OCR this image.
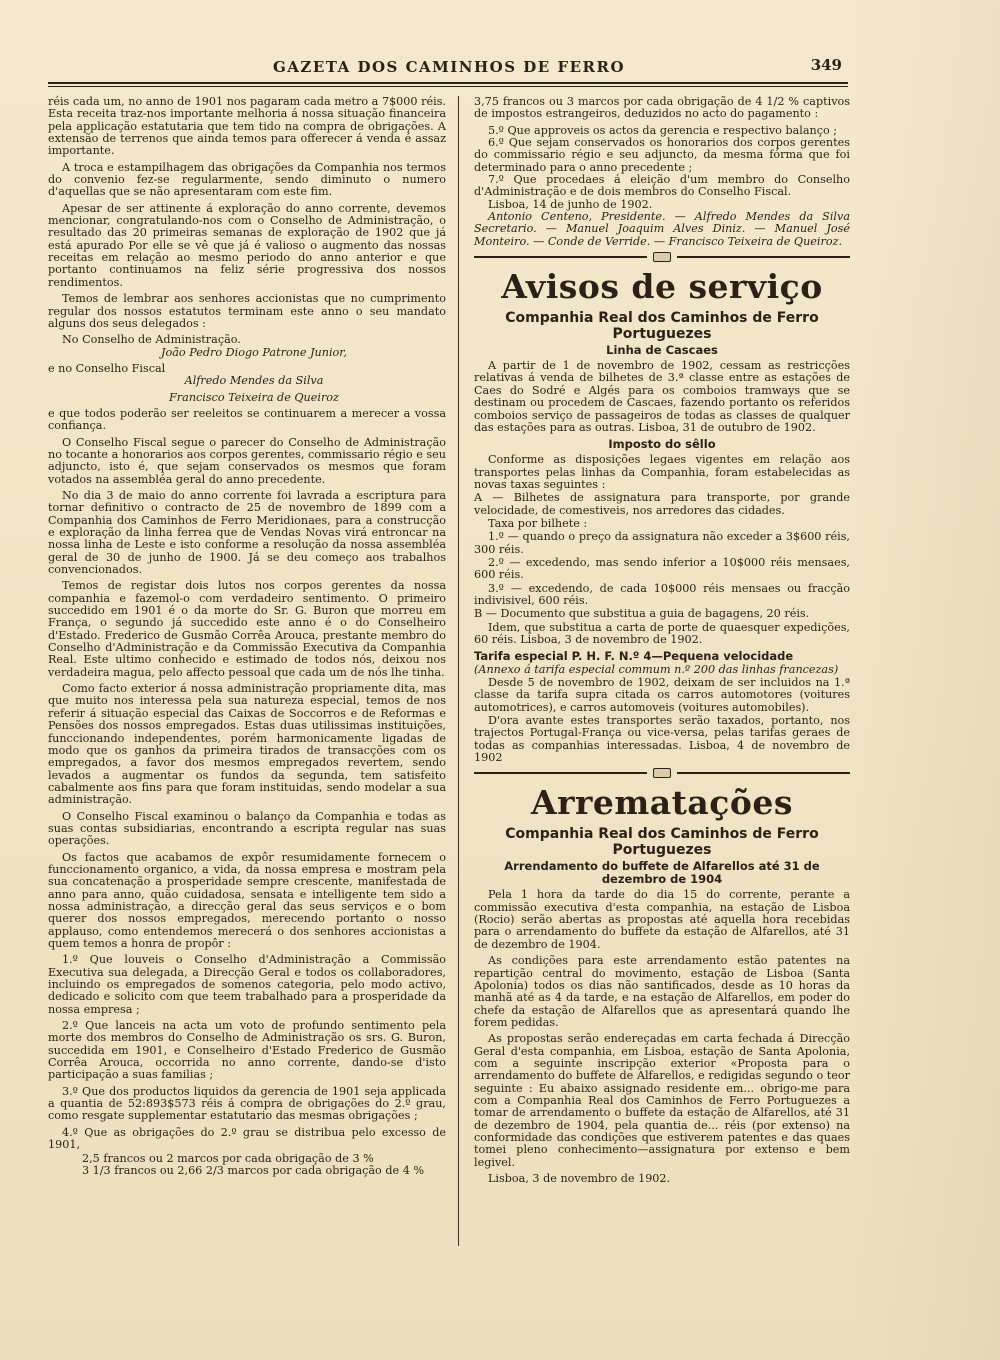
GAZETA DOS CAMINHOS DE FERRO	349

réis cada um, no anno de 1901 nos pagaram cada metro a 7$000 réis. Esta receita traz-nos importante melhoria á nossa situação financeira pela applicação estatutaria que tem tido na compra de obrigações. A extensão de terrenos que ainda temos para offerecer á venda é assaz importante.

A troca e estampilhagem das obrigações da Companhia nos termos do convenio fez-se regularmente, sendo diminuto o numero d'aquellas que se não apresentaram com este fim.

Apesar de ser attinente á exploração do anno corrente, devemos mencionar, congratulando-nos com o Conselho de Administração, o resultado das 20 primeiras semanas de exploração de 1902 que já está apurado Por elle se vê que já é valioso o augmento das nossas receitas em relação ao mesmo periodo do anno anterior e que portanto continuamos na feliz série progressiva dos nossos rendimentos.

Temos de lembrar aos senhores accionistas que no cumprimento regular dos nossos estatutos terminam este anno o seu mandato alguns dos seus delegados :

No Conselho de Administração.

João Pedro Diogo Patrone Junior,

e no Conselho Fiscal

Alfredo Mendes da Silva

Francisco Teixeira de Queiroz

e que todos poderão ser reeleitos se continuarem a merecer a vossa confiança.

O Conselho Fiscal segue o parecer do Conselho de Administração no tocante a honorarios aos corpos gerentes, commissario régio e seu adjuncto, isto é, que sejam conservados os mesmos que foram votados na assembléa geral do anno precedente.

No dia 3 de maio do anno corrente foi lavrada a escriptura para tornar definitivo o contracto de 25 de novembro de 1899 com a Companhia dos Caminhos de Ferro Meridionaes, para a construcção e exploração da linha ferrea que de Vendas Novas virá entroncar na nossa linha de Leste e isto conforme a resolução da nossa assembléa geral de 30 de junho de 1900. Já se deu começo aos trabalhos convencionados.

Temos de registar dois lutos nos corpos gerentes da nossa companhia e fazemol-o com verdadeiro sentimento. O primeiro succedido em 1901 é o da morte do Sr. G. Buron que morreu em França, o segundo já succedido este anno é o do Conselheiro d'Estado. Frederico de Gusmão Corrêa Arouca, prestante membro do Conselho d'Administração e da Commissão Executiva da Companhia Real. Este ultimo conhecido e estimado de todos nós, deixou nos verdadeira magua, pelo affecto pessoal que cada um de nós lhe tinha.

Como facto exterior á nossa administração propriamente dita, mas que muito nos interessa pela sua natureza especial, temos de nos referir á situação especial das Caixas de Soccorros e de Reformas e Pensões dos nossos empregados. Estas duas utilissimas instituições, funccionando independentes, porém harmonicamente ligadas de modo que os ganhos da primeira tirados de transacções com os empregados, a favor dos mesmos empregados revertem, sendo levados a augmentar os fundos da segunda, tem satisfeito cabalmente aos fins para que foram instituidas, sendo modelar a sua administração.

O Conselho Fiscal examinou o balanço da Companhia e todas as suas contas subsidiarias, encontrando a escripta regular nas suas operações.

Os factos que acabamos de expôr resumidamente fornecem o funccionamento organico, a vida, da nossa empresa e mostram pela sua concatenação a prosperidade sempre crescente, manifestada de anno para anno, quão cuidadosa, sensata e intelligente tem sido a nossa administração, a direcção geral das seus serviços e o bom querer dos nossos empregados, merecendo portanto o nosso applauso, como entendemos merecerá o dos senhores accionistas a quem temos a honra de propôr :

1.º Que louveis o Conselho d'Administração a Commissão Executiva sua delegada, a Direcção Geral e todos os collaboradores, incluindo os empregados de somenos categoria, pelo modo activo, dedicado e solicito com que teem trabalhado para a prosperidade da nossa empresa ;

2.º Que lanceis na acta um voto de profundo sentimento pela morte dos membros do Conselho de Administração os srs. G. Buron, succedida em 1901, e Conselheiro d'Estado Frederico de Gusmão Corrêa Arouca, occorrida no anno corrente, dando-se d'isto participação a suas familias ;

3.º Que dos productos liquidos da gerencia de 1901 seja applicada a quantia de 52:893$573 réis á compra de obrigações do 2.º grau, como resgate supplementar estatutario das mesmas obrigações ;

4.º Que as obrigações do 2.º grau se distribua pelo excesso de 1901,

2,5 francos ou 2 marcos por cada obrigação de 3 %

3 1/3 francos ou 2,66 2/3 marcos por cada obrigação de 4 %

3,75 francos ou 3 marcos por cada obrigação de 4 1/2 % captivos de impostos estrangeiros, deduzidos no acto do pagamento :

5.º Que approveis os actos da gerencia e respectivo balanço ;

6.º Que sejam conservados os honorarios dos corpos gerentes do commissario régio e seu adjuncto, da mesma fórma que foi determinado para o anno precedente ;

7.º Que procedaes á eleição d'um membro do Conselho d'Administração e de dois membros do Conselho Fiscal.

Lisboa, 14 de junho de 1902.

Antonio Centeno, Presidente. — Alfredo Mendes da Silva Secretario. — Manuel Joaquim Alves Diniz. — Manuel José Monteiro. — Conde de Verride. — Francisco Teixeira de Queiroz.

Avisos de serviço
Companhia Real dos Caminhos de Ferro Portuguezes
Linha de Cascaes

A partir de 1 de novembro de 1902, cessam as restricções relativas á venda de bilhetes de 3.ª classe entre as estações de Caes do Sodré e Algés para os comboios tramways que se destinam ou procedem de Cascaes, fazendo portanto os referidos comboios serviço de passageiros de todas as classes de qualquer das estações para as outras. Lisboa, 31 de outubro de 1902.

Imposto do sêllo

Conforme as disposições legaes vigentes em relação aos transportes pelas linhas da Companhia, foram estabelecidas as novas taxas seguintes :

A — Bilhetes de assignatura para transporte, por grande velocidade, de comestiveis, nos arredores das cidades.

Taxa por bilhete :

1.º — quando o preço da assignatura não exceder a 3$600 réis, 300 réis.

2.º — excedendo, mas sendo inferior a 10$000 réis mensaes, 600 réis.

3.º — excedendo, de cada 10$000 réis mensaes ou fracção indivisivel, 600 réis.

B — Documento que substitua a guia de bagagens, 20 réis.

Idem, que substitua a carta de porte de quaesquer expedições, 60 réis. Lisboa, 3 de novembro de 1902.

Tarifa especial P. H. F. N.º 4—Pequena velocidade

(Annexo á tarifa especial commum n.º 200 das linhas francezas)

Desde 5 de novembro de 1902, deixam de ser incluidos na 1.ª classe da tarifa supra citada os carros automotores (voitures automotrices), e carros automoveis (voitures automobiles).

D'ora avante estes transportes serão taxados, portanto, nos trajectos Portugal-França ou vice-versa, pelas tarifas geraes de todas as companhias interessadas. Lisboa, 4 de novembro de 1902

Arrematações
Companhia Real dos Caminhos de Ferro Portuguezes
Arrendamento do buffete de Alfarellos até 31 de dezembro de 1904

Pela 1 hora da tarde do dia 15 do corrente, perante a commissão executiva d'esta companhia, na estação de Lisboa (Rocio) serão abertas as propostas até aquella hora recebidas para o arrendamento do buffete da estação de Alfarellos, até 31 de dezembro de 1904.

As condições para este arrendamento estão patentes na repartição central do movimento, estação de Lisboa (Santa Apolonia) todos os dias não santificados, desde as 10 horas da manhã até as 4 da tarde, e na estação de Alfarellos, em poder do chefe da estação de Alfarellos que as apresentará quando lhe forem pedidas.

As propostas serão endereçadas em carta fechada á Direcção Geral d'esta companhia, em Lisboa, estação de Santa Apolonia, com a seguinte inscripção exterior «Proposta para o arrendamento do buffete de Alfarellos, e redigidas segundo o teor seguinte : Eu abaixo assignado residente em... obrigo-me para com a Companhia Real dos Caminhos de Ferro Portuguezes a tomar de arrendamento o buffete da estação de Alfarellos, até 31 de dezembro de 1904, pela quantia de... réis (por extenso) na conformidade das condições que estiverem patentes e das quaes tomei pleno conhecimento—assignatura por extenso e bem legivel.

Lisboa, 3 de novembro de 1902.
